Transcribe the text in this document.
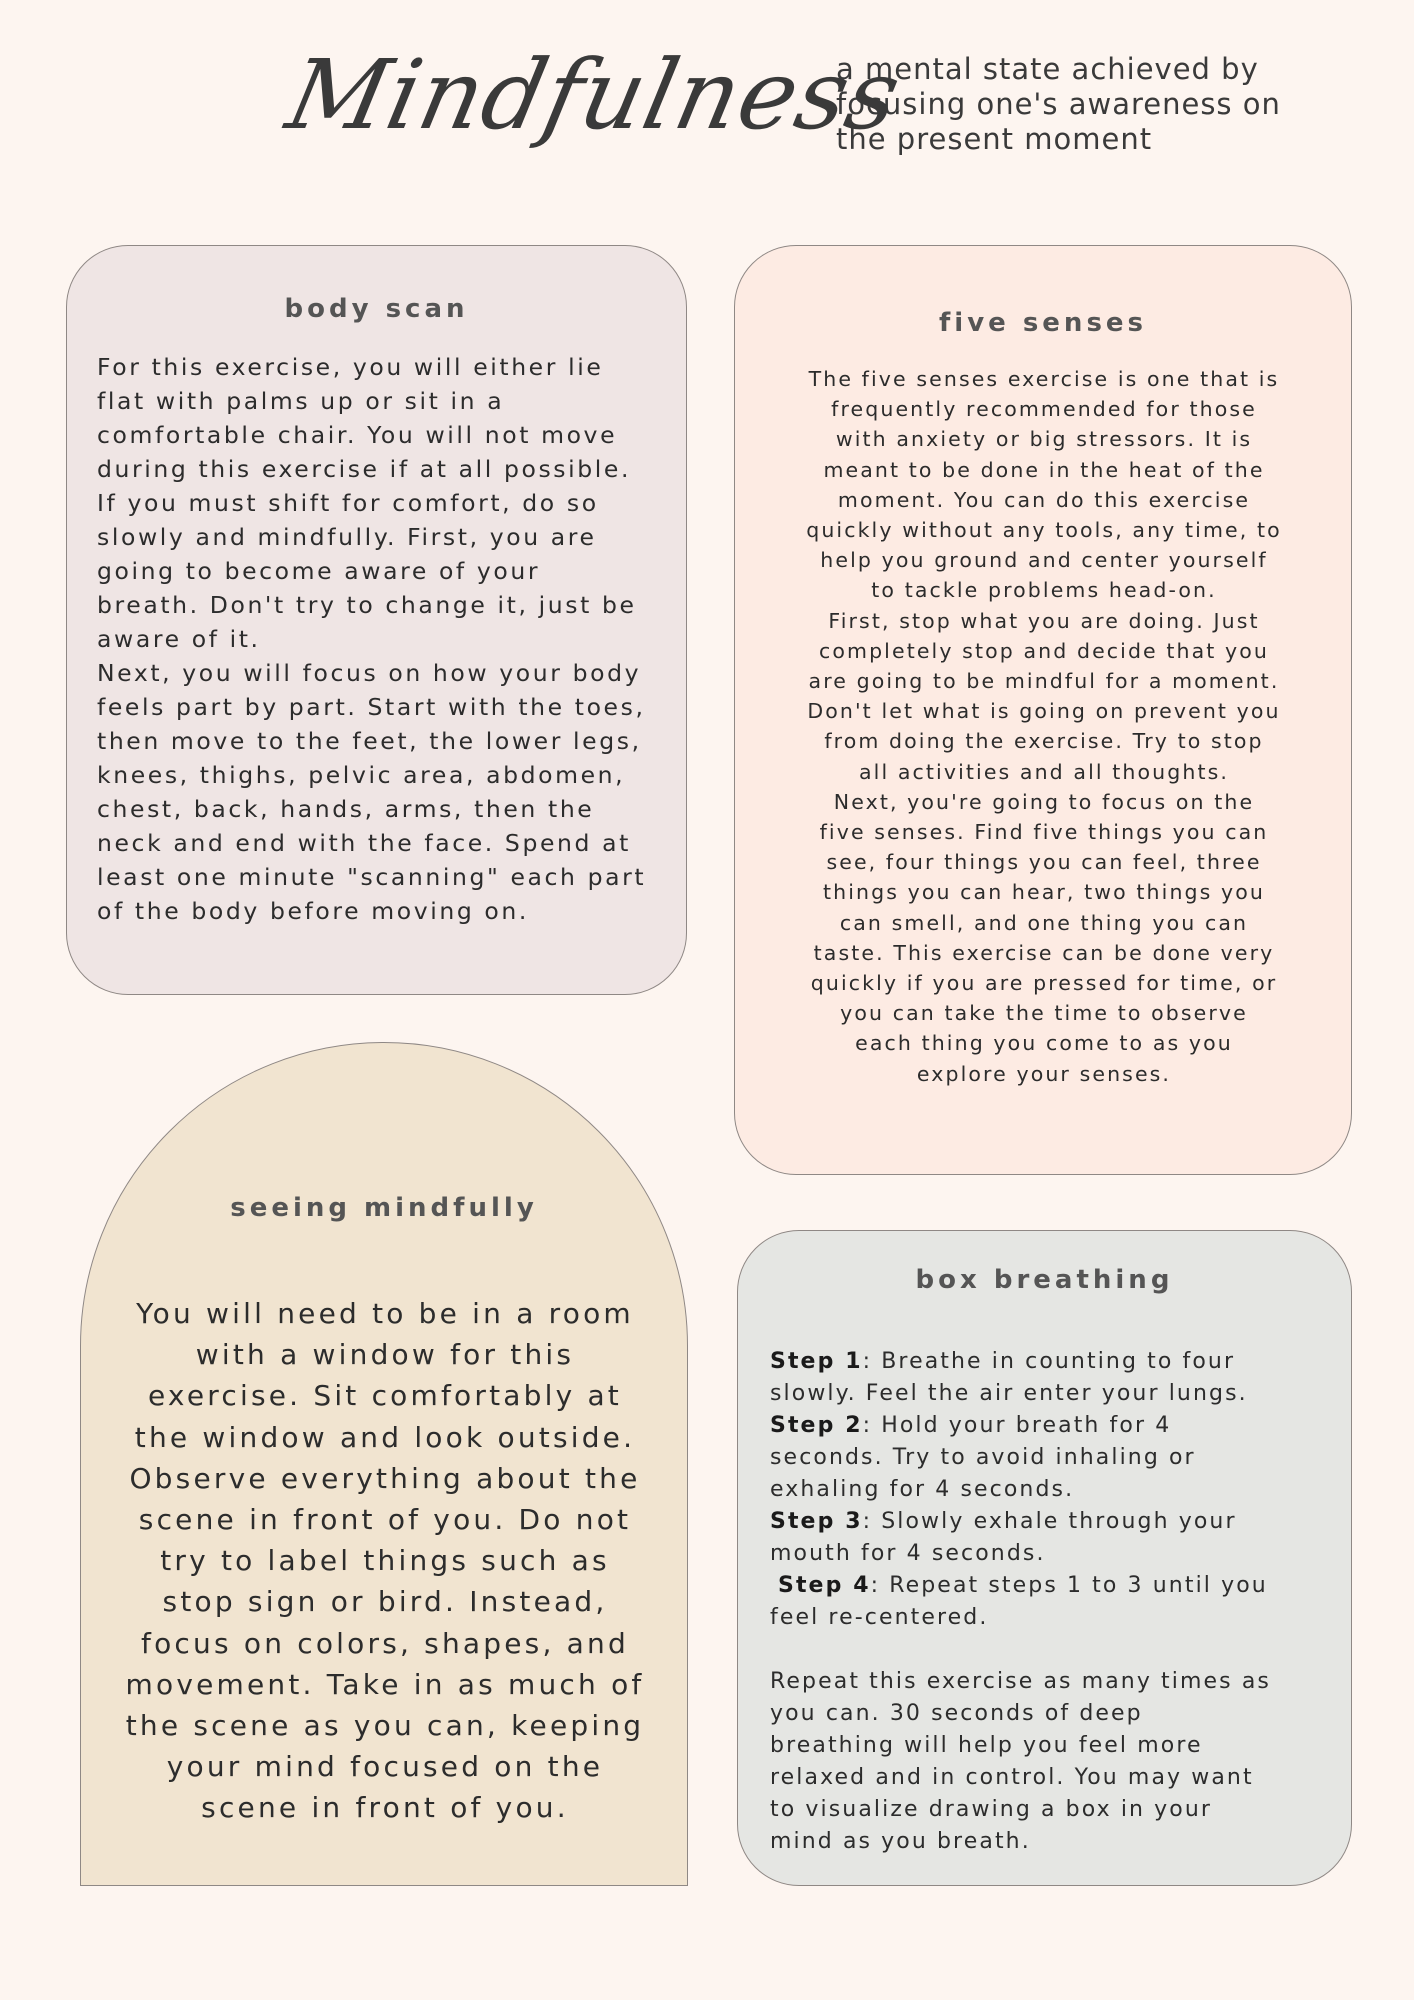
Mindfulness

a mental state achieved by

focusing one's awareness on

the present moment

body scan

For this exercise, you will either lie

flat with palms up or sit in a

comfortable chair. You will not move

during this exercise if at all possible.

If you must shift for comfort, do so

slowly and mindfully. First, you are

going to become aware of your

breath. Don't try to change it, just be

aware of it.

Next, you will focus on how your body

feels part by part. Start with the toes,

then move to the feet, the lower legs,

knees, thighs, pelvic area, abdomen,

chest, back, hands, arms, then the

neck and end with the face. Spend at

least one minute "scanning" each part

of the body before moving on.

five senses

The five senses exercise is one that is

frequently recommended for those

with anxiety or big stressors. It is

meant to be done in the heat of the

moment. You can do this exercise

quickly without any tools, any time, to

help you ground and center yourself

to tackle problems head-on.

First, stop what you are doing. Just

completely stop and decide that you

are going to be mindful for a moment.

Don't let what is going on prevent you

from doing the exercise. Try to stop

all activities and all thoughts.

Next, you're going to focus on the

five senses. Find five things you can

see, four things you can feel, three

things you can hear, two things you

can smell, and one thing you can

taste. This exercise can be done very

quickly if you are pressed for time, or

you can take the time to observe

each thing you come to as you

explore your senses.

seeing mindfully

You will need to be in a room

with a window for this

exercise. Sit comfortably at

the window and look outside.

Observe everything about the

scene in front of you. Do not

try to label things such as

stop sign or bird. Instead,

focus on colors, shapes, and

movement. Take in as much of

the scene as you can, keeping

your mind focused on the

scene in front of you.

box breathing

Step 1: Breathe in counting to four

slowly. Feel the air enter your lungs.

Step 2: Hold your breath for 4

seconds. Try to avoid inhaling or

exhaling for 4 seconds.

Step 3: Slowly exhale through your

mouth for 4 seconds.

Step 4: Repeat steps 1 to 3 until you

feel re-centered.

Repeat this exercise as many times as

you can. 30 seconds of deep

breathing will help you feel more

relaxed and in control. You may want

to visualize drawing a box in your

mind as you breath.
